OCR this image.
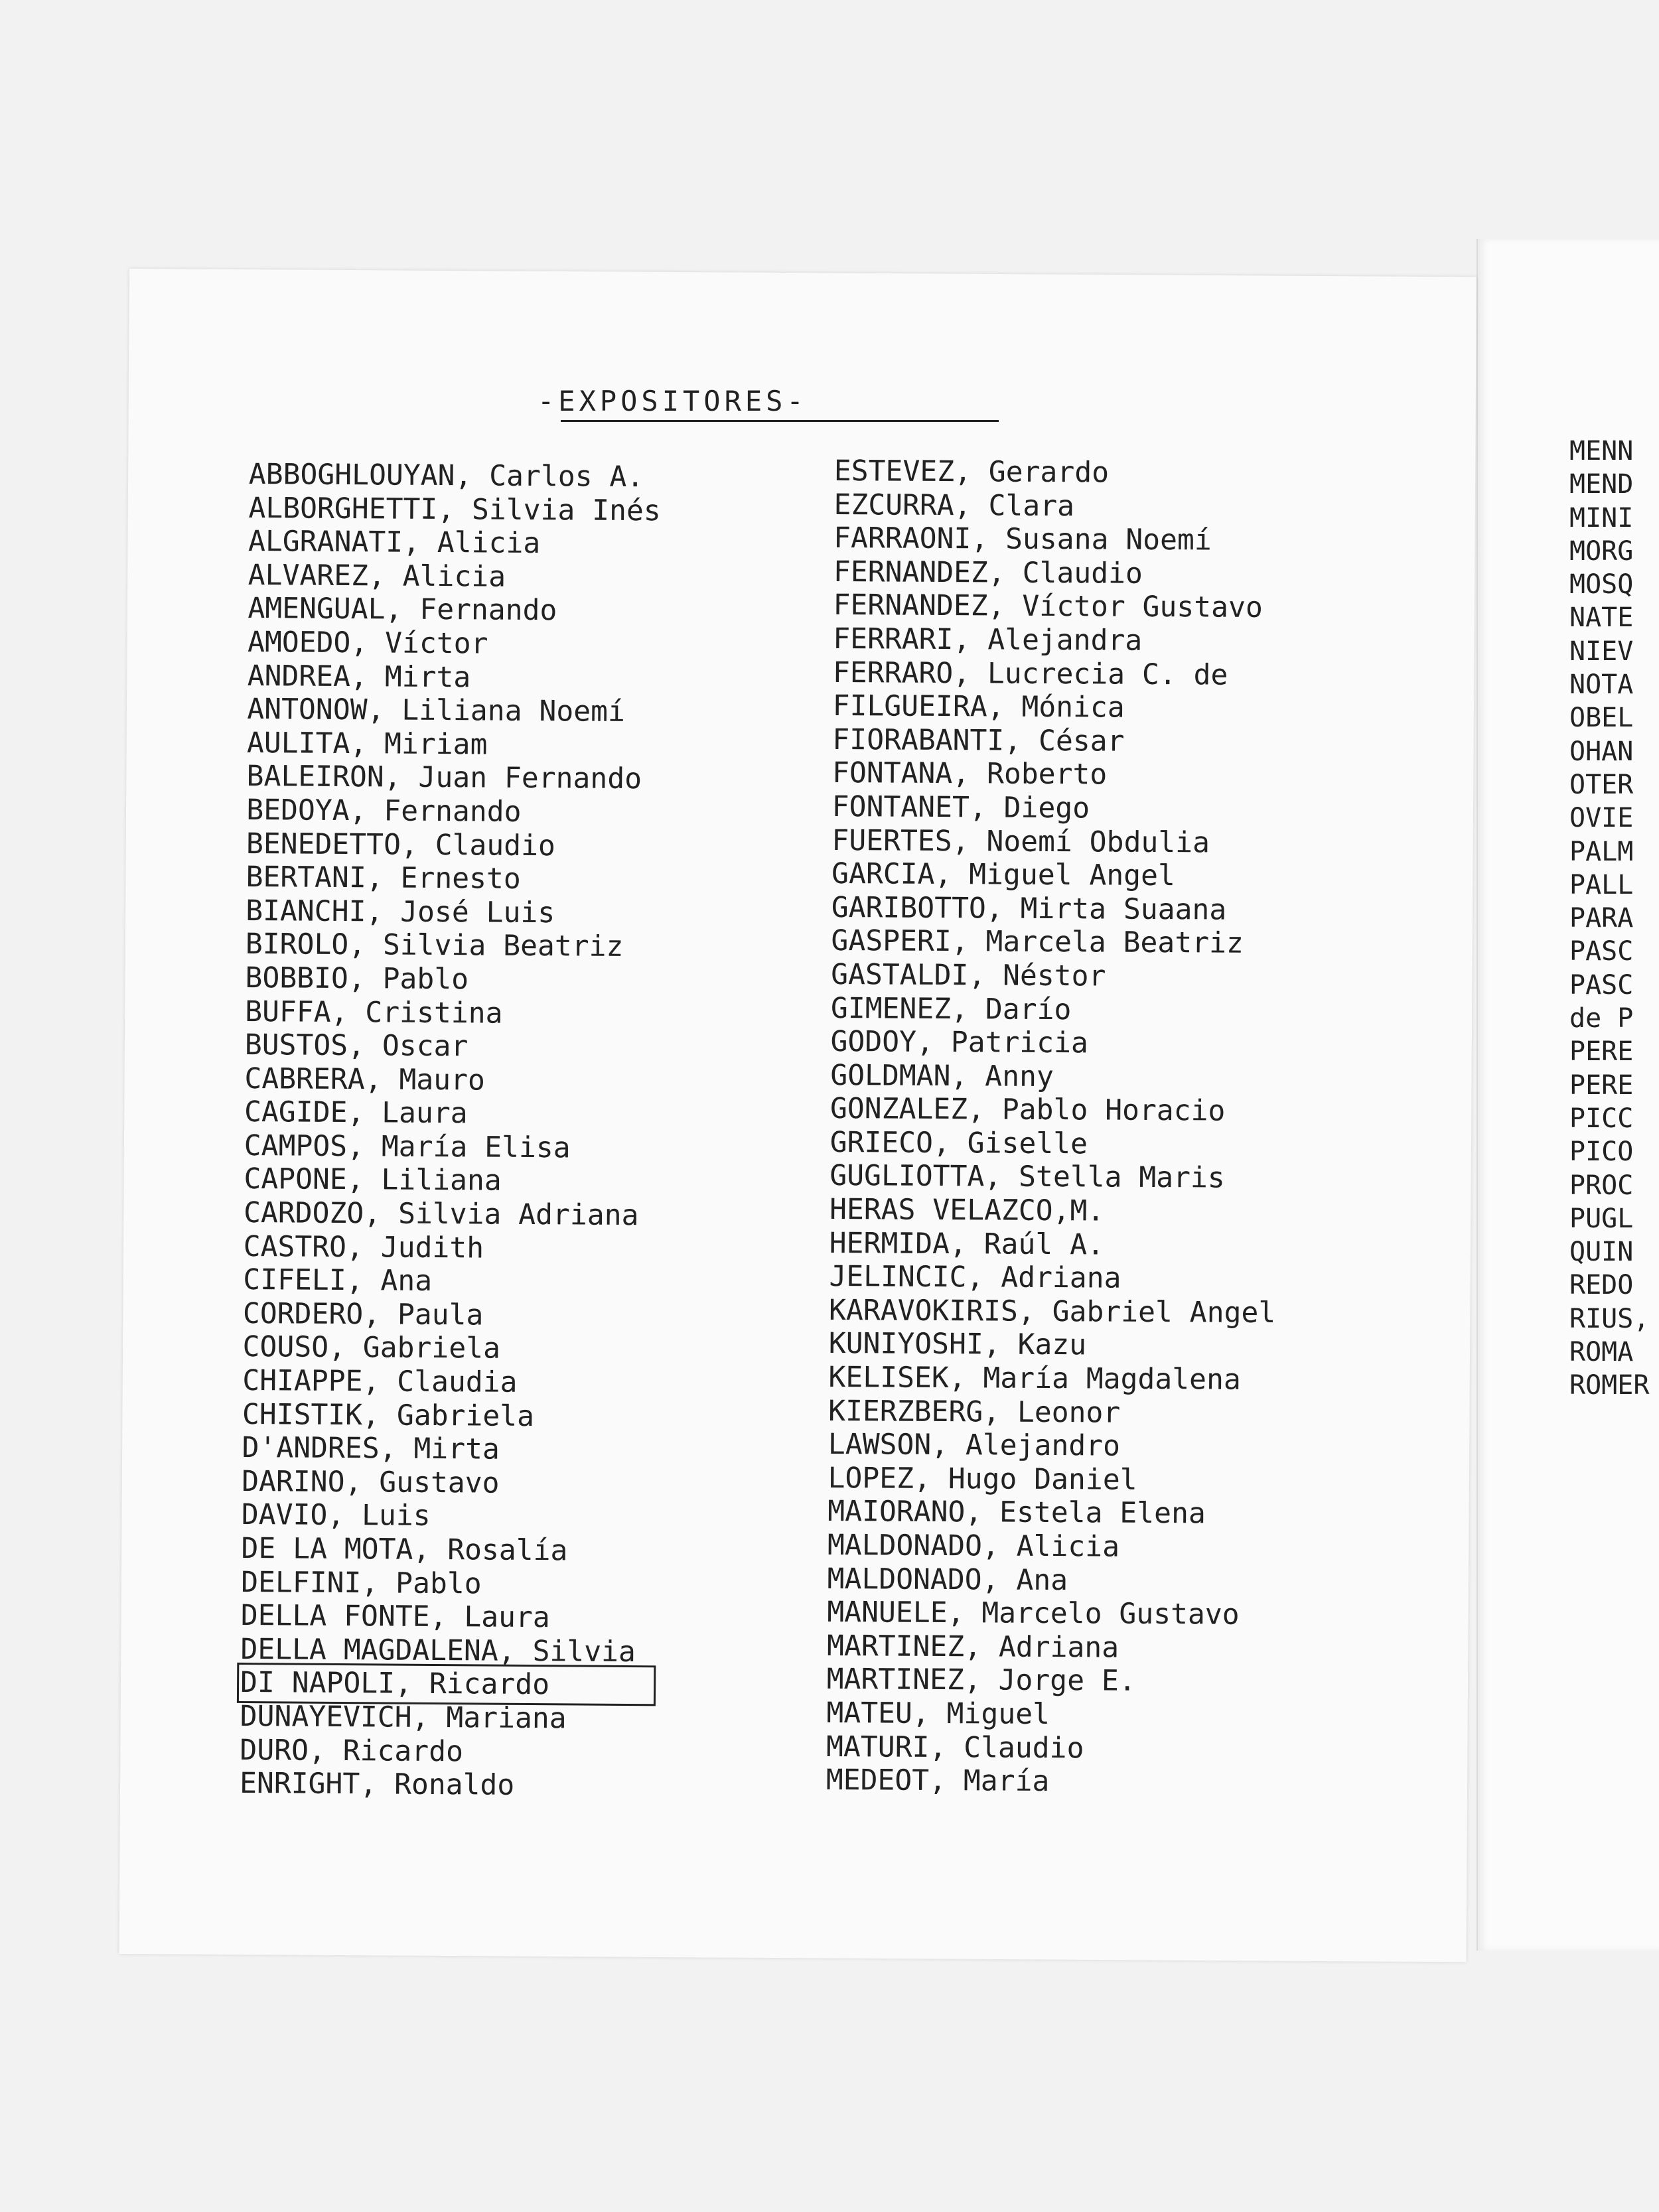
-EXPOSITORES-
ABBOGHLOUYAN, Carlos A.
ALBORGHETTI, Silvia Inés
ALGRANATI, Alicia
ALVAREZ, Alicia
AMENGUAL, Fernando
AMOEDO, Víctor
ANDREA, Mirta
ANTONOW, Liliana Noemí
AULITA, Miriam
BALEIRON, Juan Fernando
BEDOYA, Fernando
BENEDETTO, Claudio
BERTANI, Ernesto
BIANCHI, José Luis
BIROLO, Silvia Beatriz
BOBBIO, Pablo
BUFFA, Cristina
BUSTOS, Oscar
CABRERA, Mauro
CAGIDE, Laura
CAMPOS, María Elisa
CAPONE, Liliana
CARDOZO, Silvia Adriana
CASTRO, Judith
CIFELI, Ana
CORDERO, Paula
COUSO, Gabriela
CHIAPPE, Claudia
CHISTIK, Gabriela
D'ANDRES, Mirta
DARINO, Gustavo
DAVIO, Luis
DE LA MOTA, Rosalía
DELFINI, Pablo
DELLA FONTE, Laura
DELLA MAGDALENA, Silvia
DI NAPOLI, Ricardo
DUNAYEVICH, Mariana
DURO, Ricardo
ENRIGHT, Ronaldo
ESTEVEZ, Gerardo
EZCURRA, Clara
FARRAONI, Susana Noemí
FERNANDEZ, Claudio
FERNANDEZ, Víctor Gustavo
FERRARI, Alejandra
FERRARO, Lucrecia C. de
FILGUEIRA, Mónica
FIORABANTI, César
FONTANA, Roberto
FONTANET, Diego
FUERTES, Noemí Obdulia
GARCIA, Miguel Angel
GARIBOTTO, Mirta Suaana
GASPERI, Marcela Beatriz
GASTALDI, Néstor
GIMENEZ, Darío
GODOY, Patricia
GOLDMAN, Anny
GONZALEZ, Pablo Horacio
GRIECO, Giselle
GUGLIOTTA, Stella Maris
HERAS VELAZCO,M.
HERMIDA, Raúl A.
JELINCIC, Adriana
KARAVOKIRIS, Gabriel Angel
KUNIYOSHI, Kazu
KELISEK, María Magdalena
KIERZBERG, Leonor
LAWSON, Alejandro
LOPEZ, Hugo Daniel
MAIORANO, Estela Elena
MALDONADO, Alicia
MALDONADO, Ana
MANUELE, Marcelo Gustavo
MARTINEZ, Adriana
MARTINEZ, Jorge E.
MATEU, Miguel
MATURI, Claudio
MEDEOT, María
MENN
MEND
MINI
MORG
MOSQ
NATE
NIEV
NOTA
OBEL
OHAN
OTER
OVIE
PALM
PALL
PARA
PASC
PASC
de P
PERE
PERE
PICC
PICO
PROC
PUGL
QUIN
REDO
RIUS,
ROMA
ROMER
